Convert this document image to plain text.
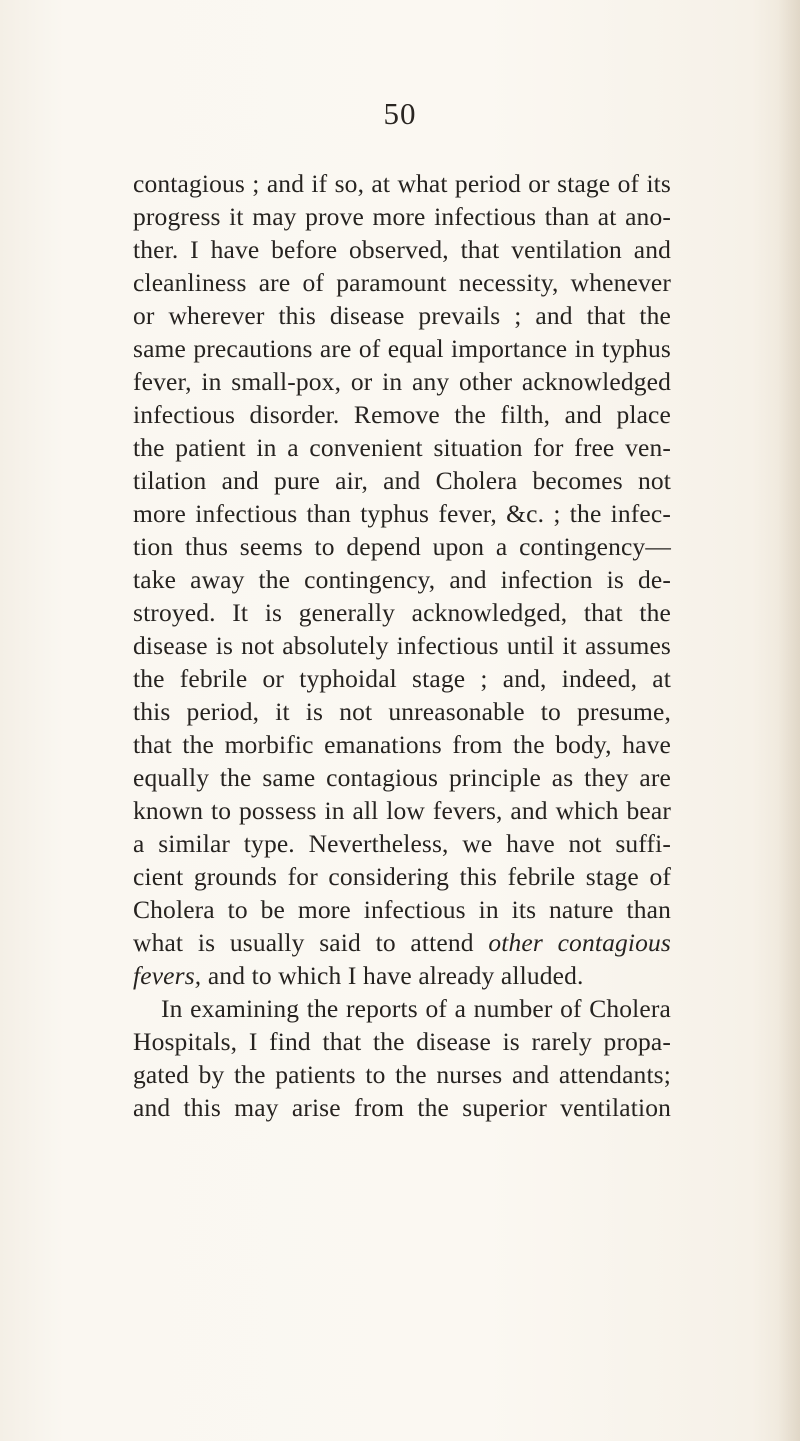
50
contagious ; and if so, at what period or stage of its
progress it may prove more infectious than at ano-
ther. I have before observed, that ventilation and
cleanliness are of paramount necessity, whenever
or wherever this disease prevails ; and that the
same precautions are of equal importance in typhus
fever, in small-pox, or in any other acknowledged
infectious disorder. Remove the filth, and place
the patient in a convenient situation for free ven-
tilation and pure air, and Cholera becomes not
more infectious than typhus fever, &c. ; the infec-
tion thus seems to depend upon a contingency—
take away the contingency, and infection is de-
stroyed. It is generally acknowledged, that the
disease is not absolutely infectious until it assumes
the febrile or typhoidal stage ; and, indeed, at
this period, it is not unreasonable to presume,
that the morbific emanations from the body, have
equally the same contagious principle as they are
known to possess in all low fevers, and which bear
a similar type. Nevertheless, we have not suffi-
cient grounds for considering this febrile stage of
Cholera to be more infectious in its nature than
what is usually said to attend other contagious
fevers, and to which I have already alluded.
In examining the reports of a number of Cholera
Hospitals, I find that the disease is rarely propa-
gated by the patients to the nurses and attendants;
and this may arise from the superior ventilation
